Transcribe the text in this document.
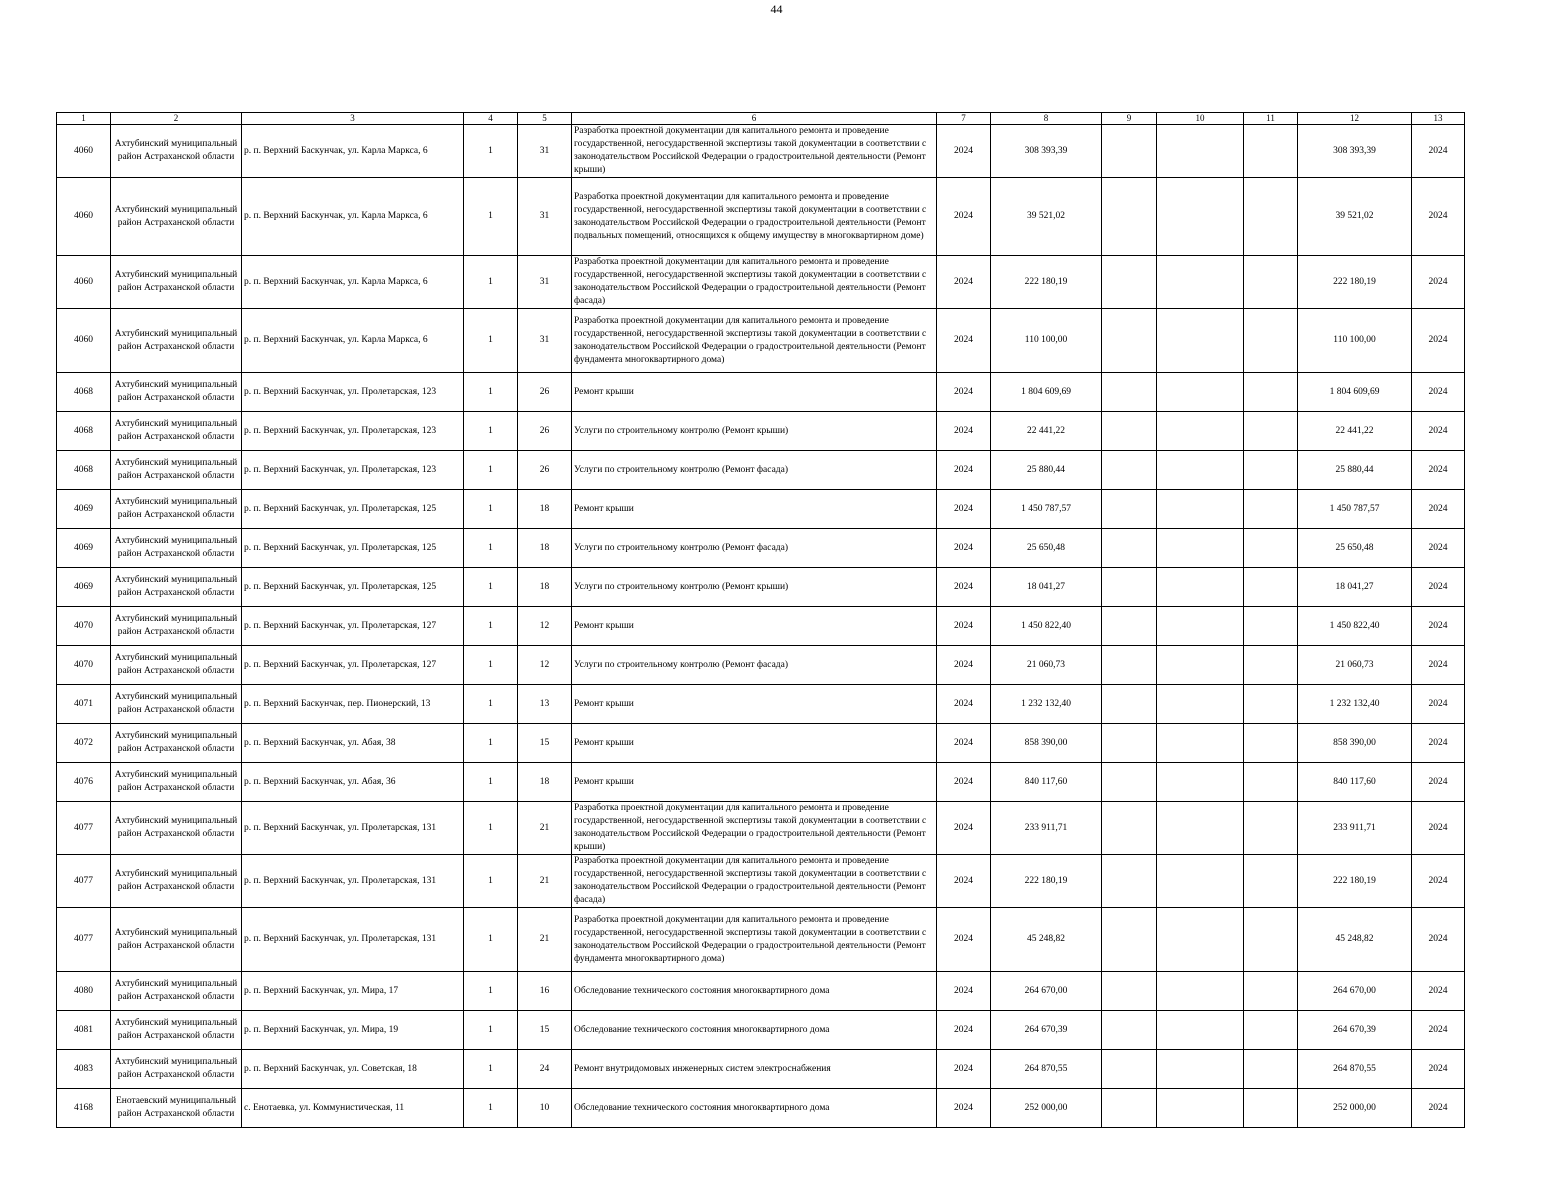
44
1	2	3	4	5	6	7	8	9	10	11	12	13
4060	Ахтубинский муниципальный район Астраханской области	р. п. Верхний Баскунчак, ул. Карла Маркса, 6	1	31	Разработка проектной документации для капитального ремонта и проведение государственной, негосударственной экспертизы такой документации в соответствии с законодательством Российской Федерации о градостроительной деятельности (Ремонт крыши)	2024	308 393,39				308 393,39	2024
4060	Ахтубинский муниципальный район Астраханской области	р. п. Верхний Баскунчак, ул. Карла Маркса, 6	1	31	Разработка проектной документации для капитального ремонта и проведение государственной, негосударственной экспертизы такой документации в соответствии с законодательством Российской Федерации о градостроительной деятельности (Ремонт подвальных помещений, относящихся к общему имуществу в многоквартирном доме)	2024	39 521,02				39 521,02	2024
4060	Ахтубинский муниципальный район Астраханской области	р. п. Верхний Баскунчак, ул. Карла Маркса, 6	1	31	Разработка проектной документации для капитального ремонта и проведение государственной, негосударственной экспертизы такой документации в соответствии с законодательством Российской Федерации о градостроительной деятельности (Ремонт фасада)	2024	222 180,19				222 180,19	2024
4060	Ахтубинский муниципальный район Астраханской области	р. п. Верхний Баскунчак, ул. Карла Маркса, 6	1	31	Разработка проектной документации для капитального ремонта и проведение государственной, негосударственной экспертизы такой документации в соответствии с законодательством Российской Федерации о градостроительной деятельности (Ремонт фундамента многоквартирного дома)	2024	110 100,00				110 100,00	2024
4068	Ахтубинский муниципальный район Астраханской области	р. п. Верхний Баскунчак, ул. Пролетарская, 123	1	26	Ремонт крыши	2024	1 804 609,69				1 804 609,69	2024
4068	Ахтубинский муниципальный район Астраханской области	р. п. Верхний Баскунчак, ул. Пролетарская, 123	1	26	Услуги по строительному контролю (Ремонт крыши)	2024	22 441,22				22 441,22	2024
4068	Ахтубинский муниципальный район Астраханской области	р. п. Верхний Баскунчак, ул. Пролетарская, 123	1	26	Услуги по строительному контролю (Ремонт фасада)	2024	25 880,44				25 880,44	2024
4069	Ахтубинский муниципальный район Астраханской области	р. п. Верхний Баскунчак, ул. Пролетарская, 125	1	18	Ремонт крыши	2024	1 450 787,57				1 450 787,57	2024
4069	Ахтубинский муниципальный район Астраханской области	р. п. Верхний Баскунчак, ул. Пролетарская, 125	1	18	Услуги по строительному контролю (Ремонт фасада)	2024	25 650,48				25 650,48	2024
4069	Ахтубинский муниципальный район Астраханской области	р. п. Верхний Баскунчак, ул. Пролетарская, 125	1	18	Услуги по строительному контролю (Ремонт крыши)	2024	18 041,27				18 041,27	2024
4070	Ахтубинский муниципальный район Астраханской области	р. п. Верхний Баскунчак, ул. Пролетарская, 127	1	12	Ремонт крыши	2024	1 450 822,40				1 450 822,40	2024
4070	Ахтубинский муниципальный район Астраханской области	р. п. Верхний Баскунчак, ул. Пролетарская, 127	1	12	Услуги по строительному контролю (Ремонт фасада)	2024	21 060,73				21 060,73	2024
4071	Ахтубинский муниципальный район Астраханской области	р. п. Верхний Баскунчак, пер. Пионерский, 13	1	13	Ремонт крыши	2024	1 232 132,40				1 232 132,40	2024
4072	Ахтубинский муниципальный район Астраханской области	р. п. Верхний Баскунчак, ул. Абая, 38	1	15	Ремонт крыши	2024	858 390,00				858 390,00	2024
4076	Ахтубинский муниципальный район Астраханской области	р. п. Верхний Баскунчак, ул. Абая, 36	1	18	Ремонт крыши	2024	840 117,60				840 117,60	2024
4077	Ахтубинский муниципальный район Астраханской области	р. п. Верхний Баскунчак, ул. Пролетарская, 131	1	21	Разработка проектной документации для капитального ремонта и проведение государственной, негосударственной экспертизы такой документации в соответствии с законодательством Российской Федерации о градостроительной деятельности (Ремонт крыши)	2024	233 911,71				233 911,71	2024
4077	Ахтубинский муниципальный район Астраханской области	р. п. Верхний Баскунчак, ул. Пролетарская, 131	1	21	Разработка проектной документации для капитального ремонта и проведение государственной, негосударственной экспертизы такой документации в соответствии с законодательством Российской Федерации о градостроительной деятельности (Ремонт фасада)	2024	222 180,19				222 180,19	2024
4077	Ахтубинский муниципальный район Астраханской области	р. п. Верхний Баскунчак, ул. Пролетарская, 131	1	21	Разработка проектной документации для капитального ремонта и проведение государственной, негосударственной экспертизы такой документации в соответствии с законодательством Российской Федерации о градостроительной деятельности (Ремонт фундамента многоквартирного дома)	2024	45 248,82				45 248,82	2024
4080	Ахтубинский муниципальный район Астраханской области	р. п. Верхний Баскунчак, ул. Мира, 17	1	16	Обследование технического состояния многоквартирного дома	2024	264 670,00				264 670,00	2024
4081	Ахтубинский муниципальный район Астраханской области	р. п. Верхний Баскунчак, ул. Мира, 19	1	15	Обследование технического состояния многоквартирного дома	2024	264 670,39				264 670,39	2024
4083	Ахтубинский муниципальный район Астраханской области	р. п. Верхний Баскунчак, ул. Советская, 18	1	24	Ремонт внутридомовых инженерных систем электроснабжения	2024	264 870,55				264 870,55	2024
4168	Енотаевский муниципальный район Астраханской области	с. Енотаевка, ул. Коммунистическая, 11	1	10	Обследование технического состояния многоквартирного дома	2024	252 000,00				252 000,00	2024
